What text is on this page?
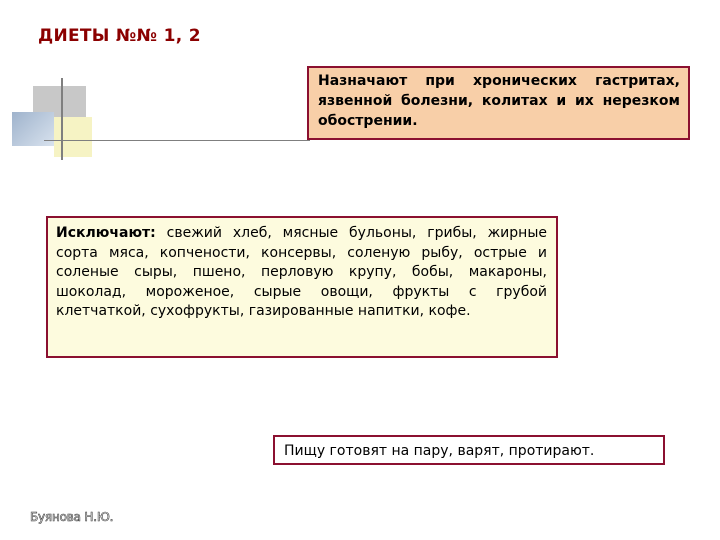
ДИЕТЫ №№ 1, 2
Назначают при хронических гастритах, язвенной болезни, колитах и их нерезком обострении.
Исключают: свежий хлеб, мясные бульоны, грибы, жирные сорта мяса, копчености, консервы, соленую рыбу, острые и соленые сыры, пшено, перловую крупу, бобы, макароны, шоколад, мороженое, сырые овощи, фрукты с грубой клетчаткой, сухофрукты, газированные напитки, кофе.
Пищу готовят на пару, варят, протирают.
Буянова Н.Ю.
